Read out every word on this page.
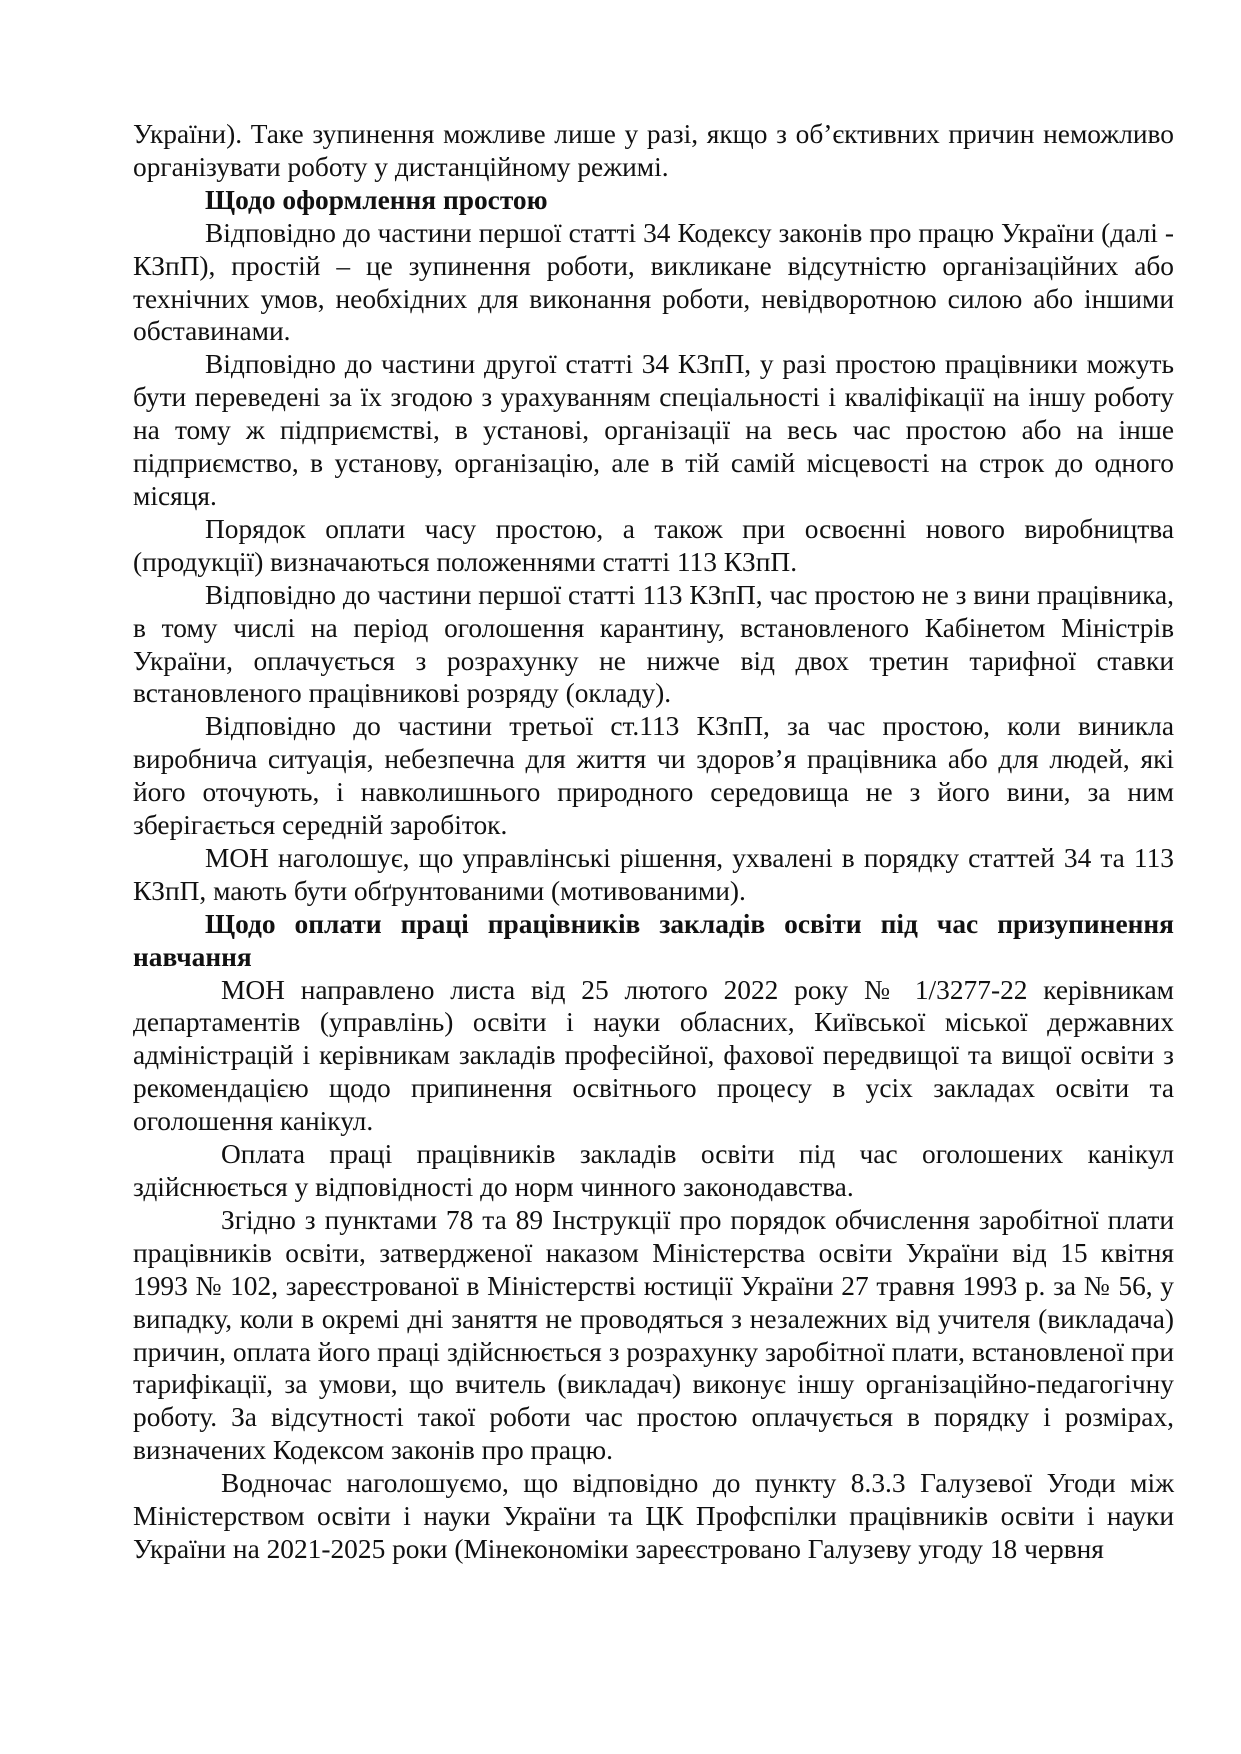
України). Таке зупинення можливе лише у разі, якщо з об’єктивних причин неможливо організувати роботу у дистанційному режимі.

Щодо оформлення простою

Відповідно до частини першої статті 34 Кодексу законів про працю України (далі - КЗпП), простій – це зупинення роботи, викликане відсутністю організаційних або технічних умов, необхідних для виконання роботи, невідворотною силою або іншими обставинами.

Відповідно до частини другої статті 34 КЗпП, у разі простою працівники можуть бути переведені за їх згодою з урахуванням спеціальності і кваліфікації на іншу роботу на тому ж підприємстві, в установі, організації на весь час простою або на інше підприємство, в установу, організацію, але в тій самій місцевості на строк до одного місяця.

Порядок оплати часу простою, а також при освоєнні нового виробництва (продукції) визначаються положеннями статті 113 КЗпП.

Відповідно до частини першої статті 113 КЗпП, час простою не з вини працівника, в тому числі на період оголошення карантину, встановленого Кабінетом Міністрів України, оплачується з розрахунку не нижче від двох третин тарифної ставки встановленого працівникові розряду (окладу).

Відповідно до частини третьої ст.113 КЗпП, за час простою, коли виникла виробнича ситуація, небезпечна для життя чи здоров’я працівника або для людей, які його оточують, і навколишнього природного середовища не з його вини, за ним зберігається середній заробіток.

МОН наголошує, що управлінські рішення, ухвалені в порядку статтей 34 та 113 КЗпП, мають бути обґрунтованими (мотивованими).

Щодо оплати праці працівників закладів освіти під час призупинення навчання

МОН направлено листа від 25 лютого 2022 року № 1/3277-22 керівникам департаментів (управлінь) освіти і науки обласних, Київської міської державних адміністрацій і керівникам закладів професійної, фахової передвищої та вищої освіти з рекомендацією щодо припинення освітнього процесу в усіх закладах освіти та оголошення канікул.

Оплата праці працівників закладів освіти під час оголошених канікул здійснюється у відповідності до норм чинного законодавства.

Згідно з пунктами 78 та 89 Інструкції про порядок обчислення заробітної плати працівників освіти, затвердженої наказом Міністерства освіти України від 15 квітня 1993 № 102, зареєстрованої в Міністерстві юстиції України 27 травня 1993 р. за № 56, у випадку, коли в окремі дні заняття не проводяться з незалежних від учителя (викладача) причин, оплата його праці здійснюється з розрахунку заробітної плати, встановленої при тарифікації, за умови, що вчитель (викладач) виконує іншу організаційно-педагогічну роботу. За відсутності такої роботи час простою оплачується в порядку і розмірах, визначених Кодексом законів про працю.

Водночас наголошуємо, що відповідно до пункту 8.3.3 Галузевої Угоди між Міністерством освіти і науки України та ЦК Профспілки працівників освіти і науки України на 2021-2025 роки (Мінекономіки зареєстровано Галузеву угоду 18 червня
